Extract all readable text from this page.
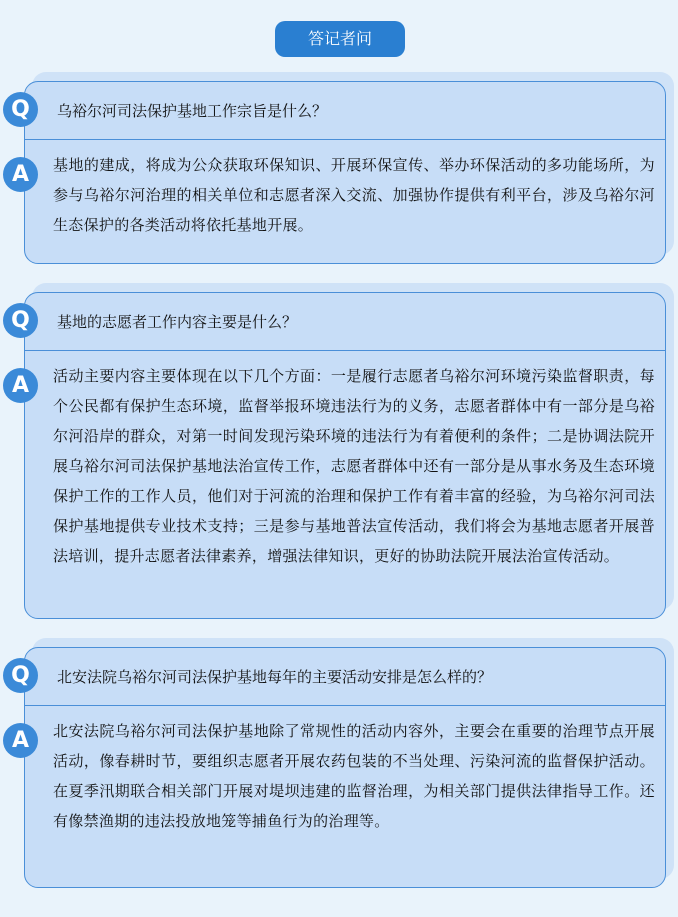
答记者问
乌裕尔河司法保护基地工作宗旨是什么？
基地的建成，将成为公众获取环保知识、开展环保宣传、举办环保活动的多功能场所，为参与乌裕尔河治理的相关单位和志愿者深入交流、加强协作提供有利平台，涉及乌裕尔河生态保护的各类活动将依托基地开展。
Q
A
基地的志愿者工作内容主要是什么？
活动主要内容主要体现在以下几个方面：一是履行志愿者乌裕尔河环境污染监督职责，每个公民都有保护生态环境，监督举报环境违法行为的义务，志愿者群体中有一部分是乌裕尔河沿岸的群众，对第一时间发现污染环境的违法行为有着便利的条件；二是协调法院开展乌裕尔河司法保护基地法治宣传工作，志愿者群体中还有一部分是从事水务及生态环境保护工作的工作人员，他们对于河流的治理和保护工作有着丰富的经验，为乌裕尔河司法保护基地提供专业技术支持；三是参与基地普法宣传活动，我们将会为基地志愿者开展普法培训，提升志愿者法律素养，增强法律知识，更好的协助法院开展法治宣传活动。
Q
A
北安法院乌裕尔河司法保护基地每年的主要活动安排是怎么样的？
北安法院乌裕尔河司法保护基地除了常规性的活动内容外，主要会在重要的治理节点开展活动，像春耕时节，要组织志愿者开展农药包装的不当处理、污染河流的监督保护活动。在夏季汛期联合相关部门开展对堤坝违建的监督治理，为相关部门提供法律指导工作。还有像禁渔期的违法投放地笼等捕鱼行为的治理等。
Q
A
